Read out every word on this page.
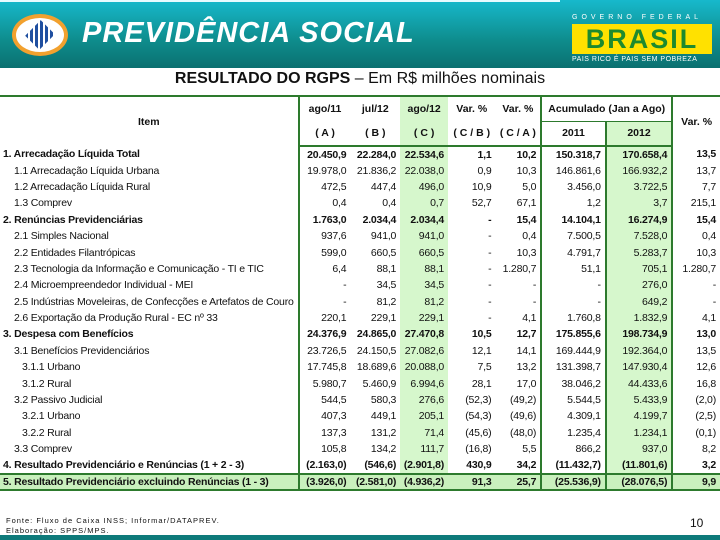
PREVIDÊNCIA SOCIAL	GOVERNO FEDERAL
BRASIL
PAIS RICO É PAIS SEM POBREZA
RESULTADO DO RGPS – Em R$ milhões nominais
Item	ago/11	jul/12	ago/12	Var. %	Var. %	Acumulado (Jan a Ago)		Var. %
	( A )	( B )	( C )	( C / B )	( C / A )	2011	2012	
1. Arrecadação Líquida Total	20.450,9	22.284,0	22.534,6	1,1	10,2	150.318,7	170.658,4	13,5
1.1 Arrecadação Líquida Urbana	19.978,0	21.836,2	22.038,0	0,9	10,3	146.861,6	166.932,2	13,7
1.2 Arrecadação Líquida Rural	472,5	447,4	496,0	10,9	5,0	3.456,0	3.722,5	7,7
1.3 Comprev	0,4	0,4	0,7	52,7	67,1	1,2	3,7	215,1
2. Renúncias Previdenciárias	1.763,0	2.034,4	2.034,4	-	15,4	14.104,1	16.274,9	15,4
2.1 Simples Nacional	937,6	941,0	941,0	-	0,4	7.500,5	7.528,0	0,4
2.2 Entidades Filantrópicas	599,0	660,5	660,5	-	10,3	4.791,7	5.283,7	10,3
2.3 Tecnologia da Informação e Comunicação - TI e TIC	6,4	88,1	88,1	-	1.280,7	51,1	705,1	1.280,7
2.4 Microempreendedor Individual - MEI	-	34,5	34,5	-	-	-	276,0	-
2.5 Indústrias Moveleiras, de Confecções e Artefatos de Couro	-	81,2	81,2	-	-	-	649,2	-
2.6 Exportação da Produção Rural - EC nº 33	220,1	229,1	229,1	-	4,1	1.760,8	1.832,9	4,1
3. Despesa com Benefícios	24.376,9	24.865,0	27.470,8	10,5	12,7	175.855,6	198.734,9	13,0
3.1 Benefícios Previdenciários	23.726,5	24.150,5	27.082,6	12,1	14,1	169.444,9	192.364,0	13,5
3.1.1 Urbano	17.745,8	18.689,6	20.088,0	7,5	13,2	131.398,7	147.930,4	12,6
3.1.2 Rural	5.980,7	5.460,9	6.994,6	28,1	17,0	38.046,2	44.433,6	16,8
3.2 Passivo Judicial	544,5	580,3	276,6	(52,3)	(49,2)	5.544,5	5.433,9	(2,0)
3.2.1 Urbano	407,3	449,1	205,1	(54,3)	(49,6)	4.309,1	4.199,7	(2,5)
3.2.2 Rural	137,3	131,2	71,4	(45,6)	(48,0)	1.235,4	1.234,1	(0,1)
3.3 Comprev	105,8	134,2	111,7	(16,8)	5,5	866,2	937,0	8,2
4. Resultado Previdenciário e Renúncias (1 + 2 - 3)	(2.163,0)	(546,6)	(2.901,8)	430,9	34,2	(11.432,7)	(11.801,6)	3,2
5. Resultado Previdenciário excluindo Renúncias (1 - 3)	(3.926,0)	(2.581,0)	(4.936,2)	91,3	25,7	(25.536,9)	(28.076,5)	9,9
Fonte: Fluxo de Caixa INSS; Informar/DATAPREV.
Elaboração: SPPS/MPS.
10
